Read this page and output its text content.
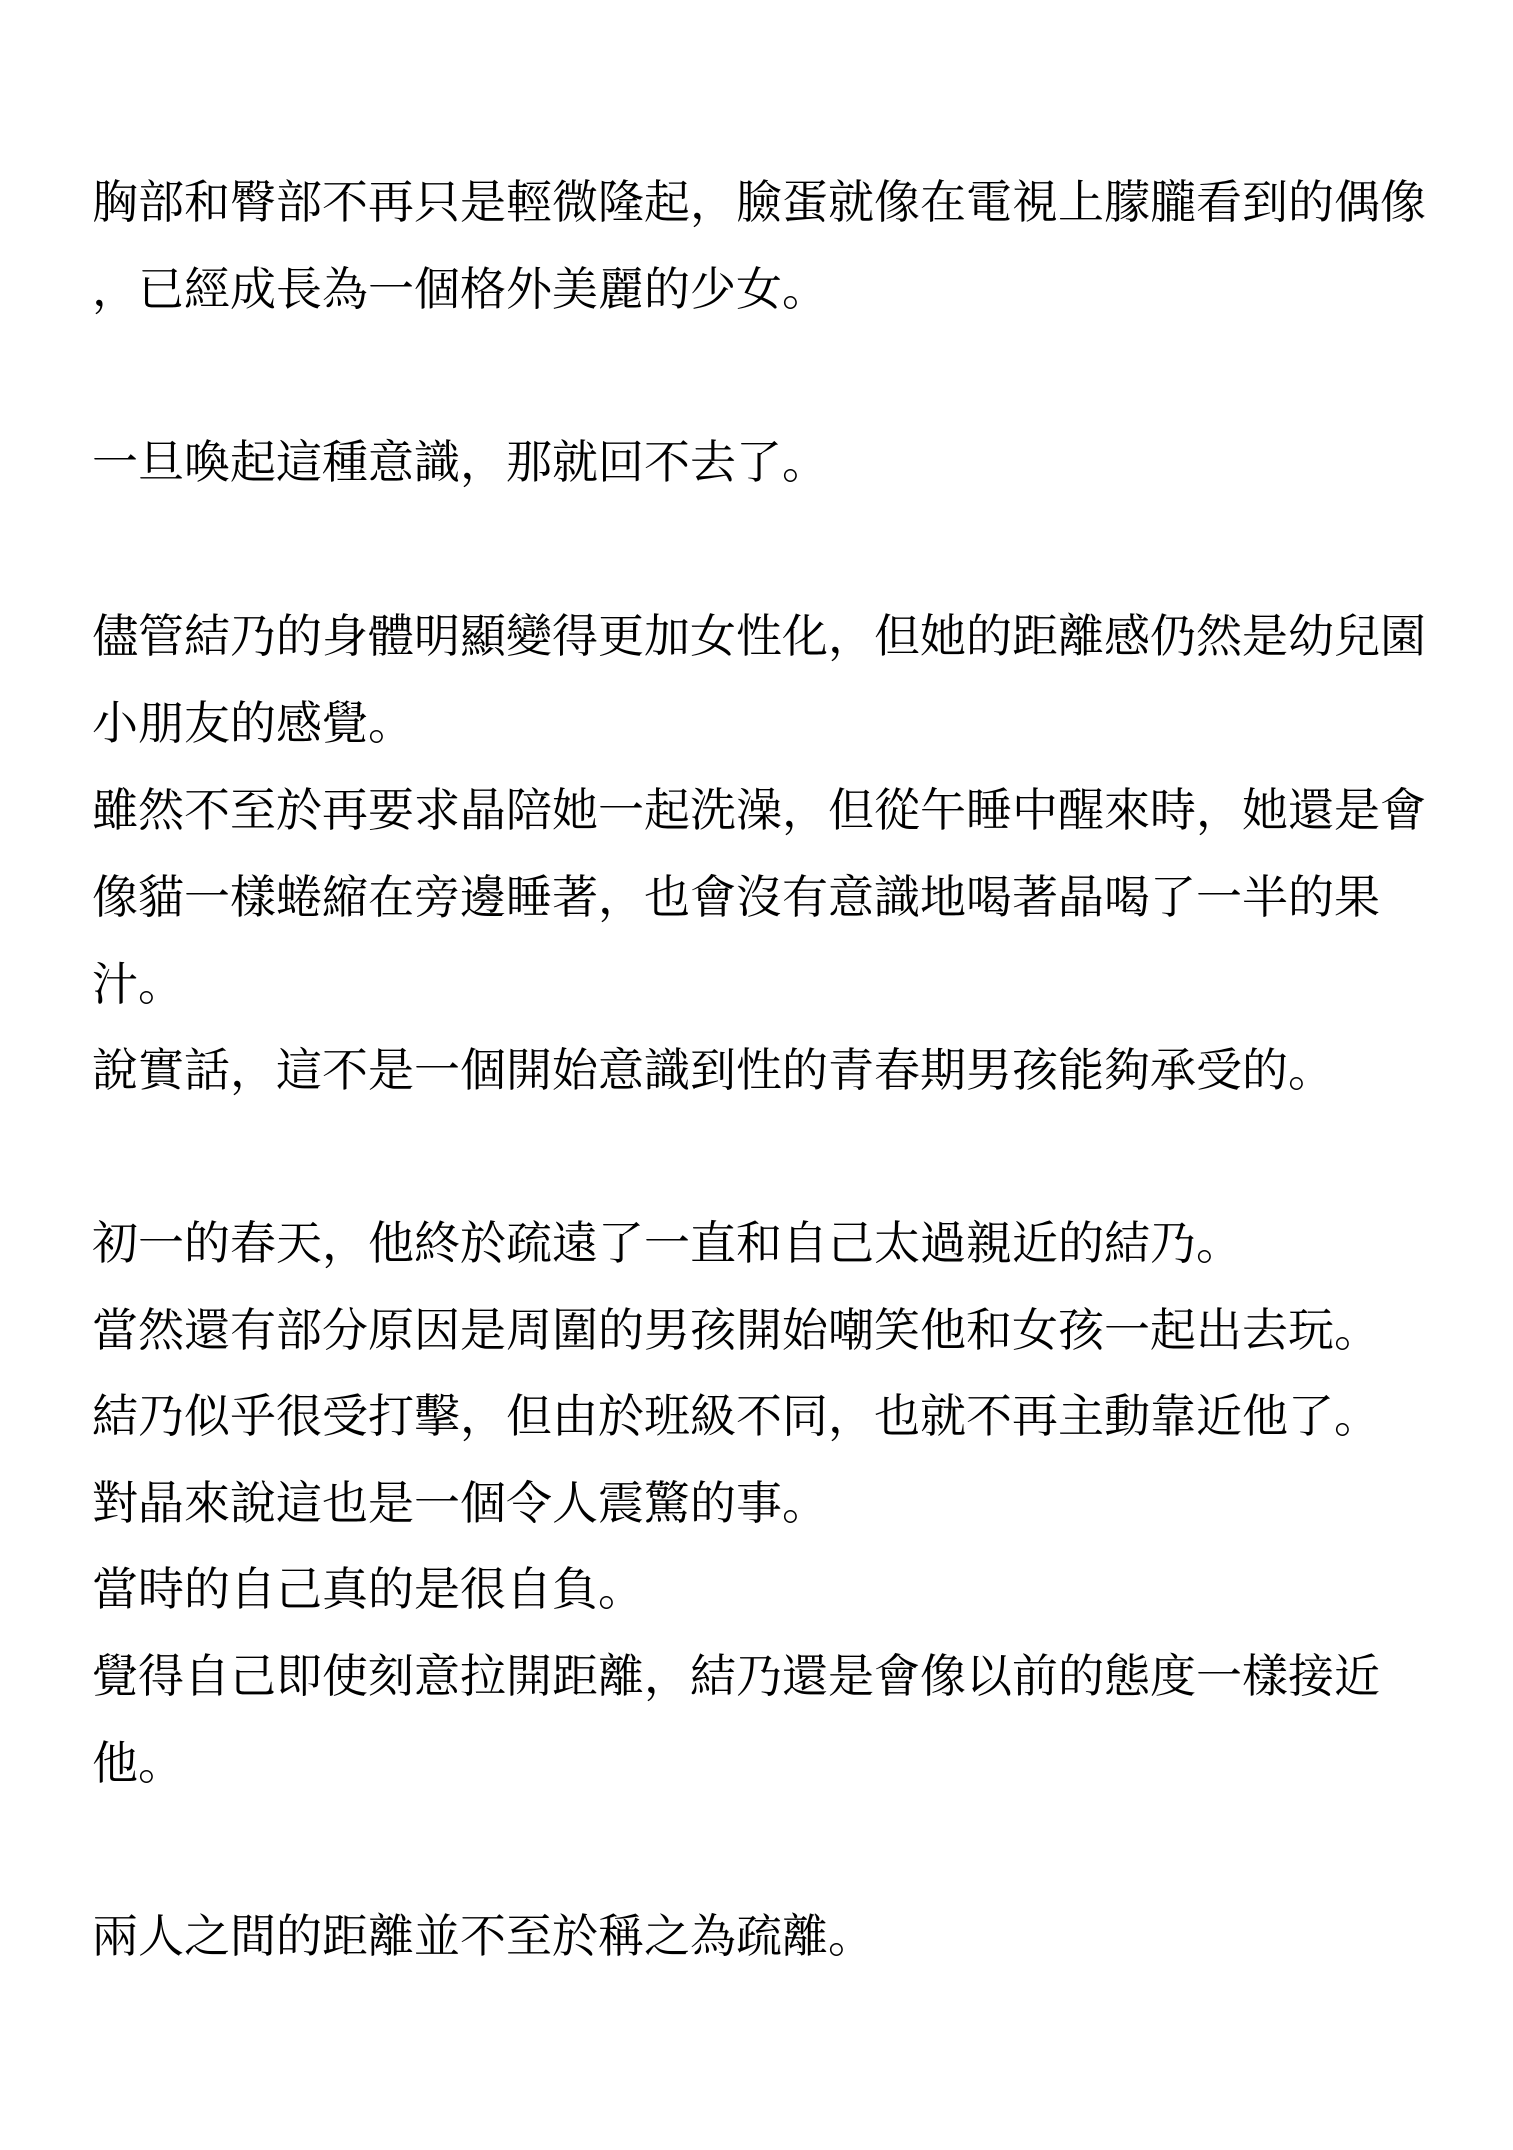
胸部和臀部不再只是輕微隆起，臉蛋就像在電視上朦朧看到的偶像

，已經成長為一個格外美麗的少女。

一旦喚起這種意識，那就回不去了。

儘管結乃的身體明顯變得更加女性化，但她的距離感仍然是幼兒園

小朋友的感覺。

雖然不至於再要求晶陪她一起洗澡，但從午睡中醒來時，她還是會

像貓一樣蜷縮在旁邊睡著，也會沒有意識地喝著晶喝了一半的果

汁。

說實話，這不是一個開始意識到性的青春期男孩能夠承受的。

初一的春天，他終於疏遠了一直和自己太過親近的結乃。

當然還有部分原因是周圍的男孩開始嘲笑他和女孩一起出去玩。

結乃似乎很受打擊，但由於班級不同，也就不再主動靠近他了。

對晶來說這也是一個令人震驚的事。

當時的自己真的是很自負。

覺得自己即使刻意拉開距離，結乃還是會像以前的態度一樣接近

他。

兩人之間的距離並不至於稱之為疏離。
